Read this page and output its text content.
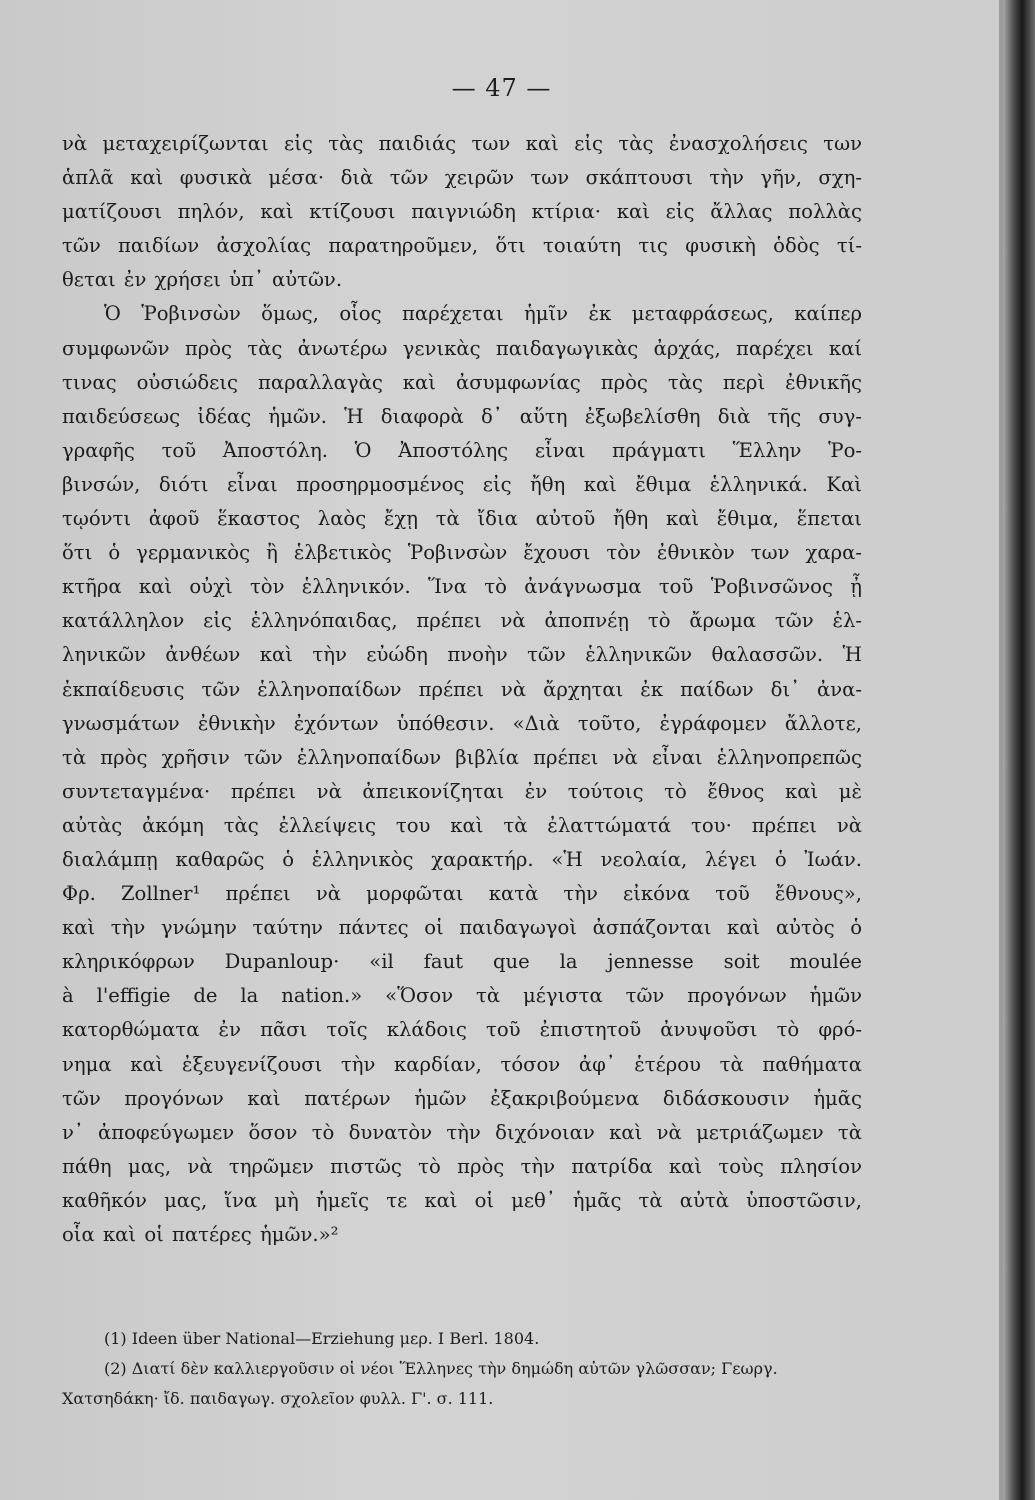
— 47 —
νὰ μεταχειρίζωνται εἰς τὰς παιδιάς των καὶ εἰς τὰς ἐνασχολήσεις των
ἁπλᾶ καὶ φυσικὰ μέσα· διὰ τῶν χειρῶν των σκάπτουσι τὴν γῆν, σχη-
ματίζουσι πηλόν, καὶ κτίζουσι παιγνιώδη κτίρια· καὶ εἰς ἄλλας πολλὰς
τῶν παιδίων ἀσχολίας παρατηροῦμεν, ὅτι τοιαύτη τις φυσικὴ ὁδὸς τί-
θεται ἐν χρήσει ὑπ᾽ αὐτῶν.
Ὁ Ῥοβινσὼν ὅμως, οἷος παρέχεται ἡμῖν ἐκ μεταφράσεως, καίπερ
συμφωνῶν πρὸς τὰς ἀνωτέρω γενικὰς παιδαγωγικὰς ἀρχάς, παρέχει καί
τινας οὐσιώδεις παραλλαγὰς καὶ ἀσυμφωνίας πρὸς τὰς περὶ ἐθνικῆς
παιδεύσεως ἰδέας ἡμῶν. Ἡ διαφορὰ δ᾽ αὕτη ἐξωβελίσθη διὰ τῆς συγ-
γραφῆς τοῦ Ἀποστόλη. Ὁ Ἀποστόλης εἶναι πράγματι Ἕλλην Ῥο-
βινσών, διότι εἶναι προσηρμοσμένος εἰς ἤθη καὶ ἔθιμα ἑλληνικά. Καὶ
τῳόντι ἀφοῦ ἕκαστος λαὸς ἔχῃ τὰ ἴδια αὐτοῦ ἤθη καὶ ἔθιμα, ἕπεται
ὅτι ὁ γερμανικὸς ἢ ἑλβετικὸς Ῥοβινσὼν ἔχουσι τὸν ἐθνικὸν των χαρα-
κτῆρα καὶ οὐχὶ τὸν ἑλληνικόν. Ἵνα τὸ ἀνάγνωσμα τοῦ Ῥοβινσῶνος ᾖ
κατάλληλον εἰς ἑλληνόπαιδας, πρέπει νὰ ἀποπνέῃ τὸ ἄρωμα τῶν ἑλ-
ληνικῶν ἀνθέων καὶ τὴν εὐώδη πνοὴν τῶν ἑλληνικῶν θαλασσῶν. Ἡ
ἐκπαίδευσις τῶν ἑλληνοπαίδων πρέπει νὰ ἄρχηται ἐκ παίδων δι᾽ ἀνα-
γνωσμάτων ἐθνικὴν ἐχόντων ὑπόθεσιν. «Διὰ τοῦτο, ἐγράφομεν ἄλλοτε,
τὰ πρὸς χρῆσιν τῶν ἑλληνοπαίδων βιβλία πρέπει νὰ εἶναι ἑλληνοπρεπῶς
συντεταγμένα· πρέπει νὰ ἀπεικονίζηται ἐν τούτοις τὸ ἔθνος καὶ μὲ
αὐτὰς ἀκόμη τὰς ἐλλείψεις του καὶ τὰ ἐλαττώματά του· πρέπει νὰ
διαλάμπῃ καθαρῶς ὁ ἑλληνικὸς χαρακτήρ. «Ἡ νεολαία, λέγει ὁ Ἰωάν.
Φρ. Zollner¹ πρέπει νὰ μορφῶται κατὰ τὴν εἰκόνα τοῦ ἔθνους»,
καὶ τὴν γνώμην ταύτην πάντες οἱ παιδαγωγοὶ ἀσπάζονται καὶ αὐτὸς ὁ
κληρικόφρων Dupanloup· «il faut que la jennesse soit moulée
à l'effigie de la nation.» «Ὅσον τὰ μέγιστα τῶν προγόνων ἡμῶν
κατορθώματα ἐν πᾶσι τοῖς κλάδοις τοῦ ἐπιστητοῦ ἀνυψοῦσι τὸ φρό-
νημα καὶ ἐξευγενίζουσι τὴν καρδίαν, τόσον ἀφ᾽ ἑτέρου τὰ παθήματα
τῶν προγόνων καὶ πατέρων ἡμῶν ἐξακριβούμενα διδάσκουσιν ἡμᾶς
ν᾽ ἀποφεύγωμεν ὅσον τὸ δυνατὸν τὴν διχόνοιαν καὶ νὰ μετριάζωμεν τὰ
πάθη μας, νὰ τηρῶμεν πιστῶς τὸ πρὸς τὴν πατρίδα καὶ τοὺς πλησίον
καθῆκόν μας, ἵνα μὴ ἡμεῖς τε καὶ οἱ μεθ᾽ ἡμᾶς τὰ αὐτὰ ὑποστῶσιν,
οἷα καὶ οἱ πατέρες ἡμῶν.»²
(1) Ideen über National—Erziehung μερ. I Berl. 1804.
(2) Διατί δὲν καλλιεργοῦσιν οἱ νέοι Ἕλληνες τὴν δημώδη αὐτῶν γλῶσσαν; Γεωργ.
Χατσηδάκη· ἴδ. παιδαγωγ. σχολεῖον φυλλ. Γ'. σ. 111.
